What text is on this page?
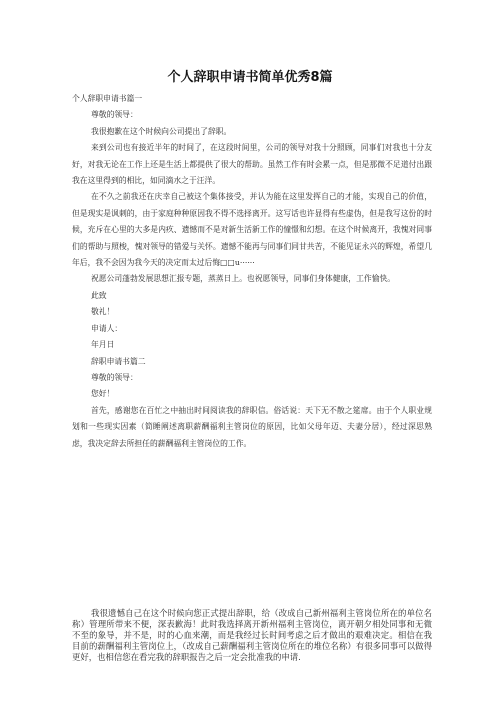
个人辞职申请书简单优秀8篇

个人辞职申请书篇一

尊敬的领导：

我很抱歉在这个时候向公司提出了辞职。

来到公司也有接近半年的时间了，在这段时间里，公司的领导对我十分照顾，同事们对我也十分友好，对我无论在工作上还是生活上都提供了很大的帮助。虽然工作有时会累一点，但是那微不足道付出跟我在这里得到的相比，如同滴水之于汪洋。

在不久之前我还在庆幸自己被这个集体接受，并认为能在这里发挥自己的才能，实现自己的价值，但是现实是讽刺的，由于家庭种种原因我不得不选择离开。这写话也许显得有些虚伪，但是我写这份的时候，充斥在心里的大多是内疚、遗憾而不是对新生活新工作的憧憬和幻想。在这个时候离开，我愧对同事们的帮助与照梭，愧对领导的错爱与关怀。遗憾不能再与同事们同甘共苦，不能见证永兴的辉煌，希望几年后，我不会因为我今天的决定而太过后悔□□u······

祝愿公司蓬勃发展思想汇报专题，蒸蒸日上。也祝愿领导，同事们身体健康，工作愉快。

此致

敬礼！

申请人：

年月日

辞职申请书篇二

尊敬的领导：

您好！

首先，感谢您在百忙之中抽出时间阅读我的辞职信。俗话说：天下无不散之筵席。由于个人职业规划和一些现实因素（简睡阐述离职薪酬福利主管岗位的原因，比如父母年迈、夫妻分居），经过深思熟虑，我决定辞去所担任的薪酬福利主管岗位的工作。

我很遗憾自己在这个时候向您正式提出辞职，给（改成自己新州福利主管岗位所在的单位名称）管理所带来不便，深表歉海！此时我选择离开新州福利主管岗位，离开朝夕相处同事和无微不至的象导，并不是，时的心血来潮，而是我经过长时间考虑之后才做出的艰难决定。相信在我目前的薪酬福利主管岗位上，（改成自己薪酬福利主管岗位所在的堆位名称）有很多同事可以做得更好，也相信您在看完我的辞职报告之后一定会批准我的申请.
